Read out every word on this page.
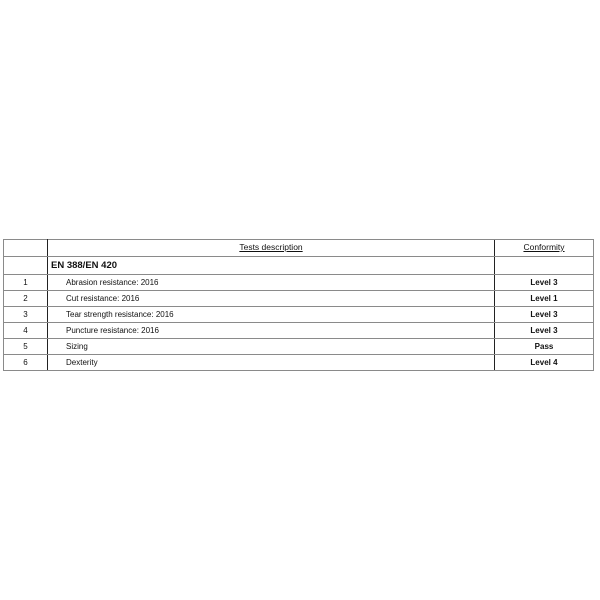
	Tests description	Conformity
	EN 388/EN 420	
1	Abrasion resistance: 2016	Level 3
2	Cut resistance: 2016	Level 1
3	Tear strength resistance: 2016	Level 3
4	Puncture resistance: 2016	Level 3
5	Sizing	Pass
6	Dexterity	Level 4
